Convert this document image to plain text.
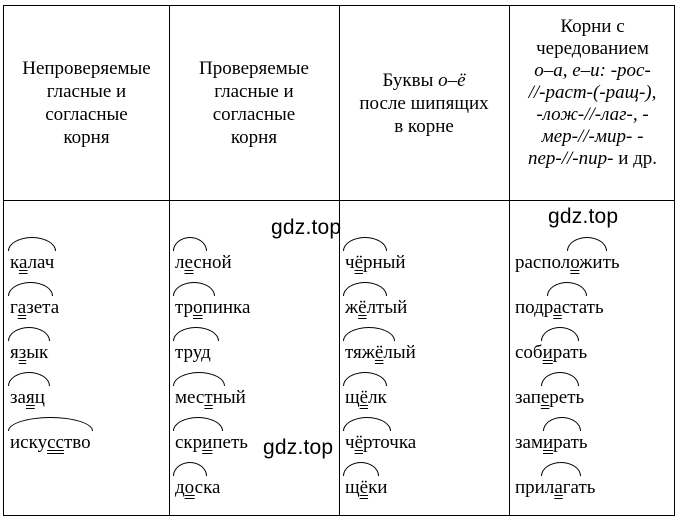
Непроверяемые
гласные и
согласные
корня
Проверяемые
гласные и
согласные
корня
Буквы о–ё
после шипящих
в корне
Корни с
чередованием
о–а, е–и: -рос-
//-раст-(-ращ-),
-лож-//-лаг-, -
мер-//-мир- -
пер-//-пир- и др.
калач
газета
язык
заяц
искусство
лесной
тропинка
труд
местный
скрипеть
доска
чёрный
жёлтый
тяжёлый
щёлк
чёрточка
щёки
расположить
подрастать
собирать
запереть
замирать
прилагать
gdz.top	gdz.top
gdz.top
